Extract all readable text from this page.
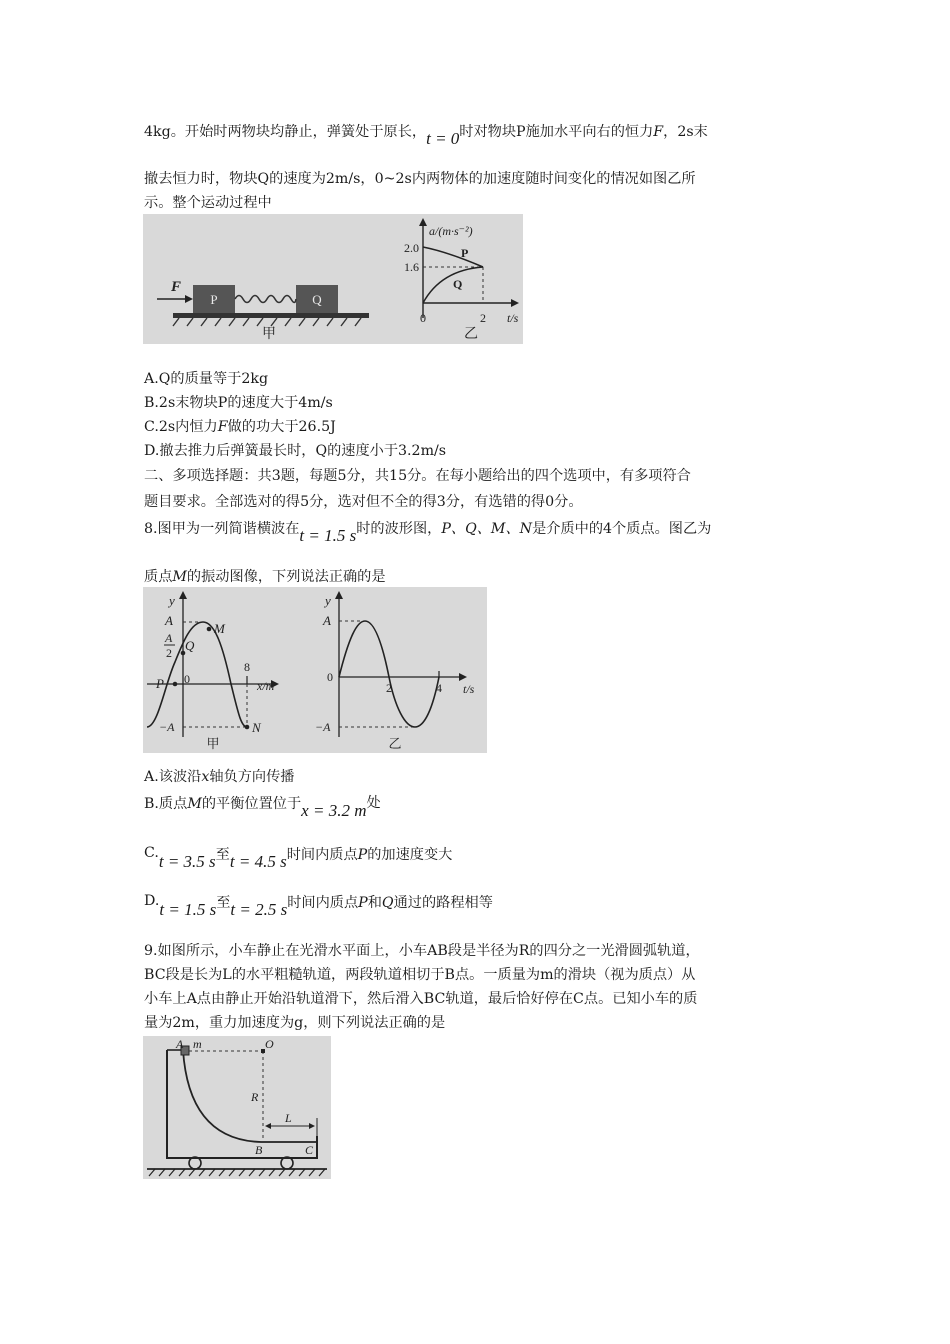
4kg。开始时两物块均静止，弹簧处于原长，t = 0时对物块P施加水平向右的恒力F，2s末
撤去恒力时，物块Q的速度为2m/s，0~2s内两物体的加速度随时间变化的情况如图乙所
示。整个运动过程中
P	Q
F
甲
a/(m·s⁻²)
2.0
1.6
P
Q
0	2 t/s
乙
A.Q的质量等于2kg
B.2s末物块P的速度大于4m/s
C.2s内恒力F做的功大于26.5J
D.撤去推力后弹簧最长时，Q的速度小于3.2m/s
二、多项选择题：共3题，每题5分，共15分。在每小题给出的四个选项中，有多项符合
题目要求。全部选对的得5分，选对但不全的得3分，有选错的得0分。
8.图甲为一列简谐横波在t = 1.5 s时的波形图，P、Q、M、N是介质中的4个质点。图乙为
质点M的振动图像，下列说法正确的是
y
A
A
2
M
Q
P 0
8
x/m
−A	N
甲
y
A
0
2	4 t/s
−A
乙
A.该波沿x轴负方向传播
B.质点M的平衡位置位于x = 3.2 m处
C.t = 3.5 s至t = 4.5 s时间内质点P的加速度变大
D.t = 1.5 s至t = 2.5 s时间内质点P和Q通过的路程相等
9.如图所示，小车静止在光滑水平面上，小车AB段是半径为R的四分之一光滑圆弧轨道，
BC段是长为L的水平粗糙轨道，两段轨道相切于B点。一质量为m的滑块（视为质点）从
小车上A点由静止开始沿轨道滑下，然后滑入BC轨道，最后恰好停在C点。已知小车的质
量为2m，重力加速度为g，则下列说法正确的是
A m	O
R
L
B	C
